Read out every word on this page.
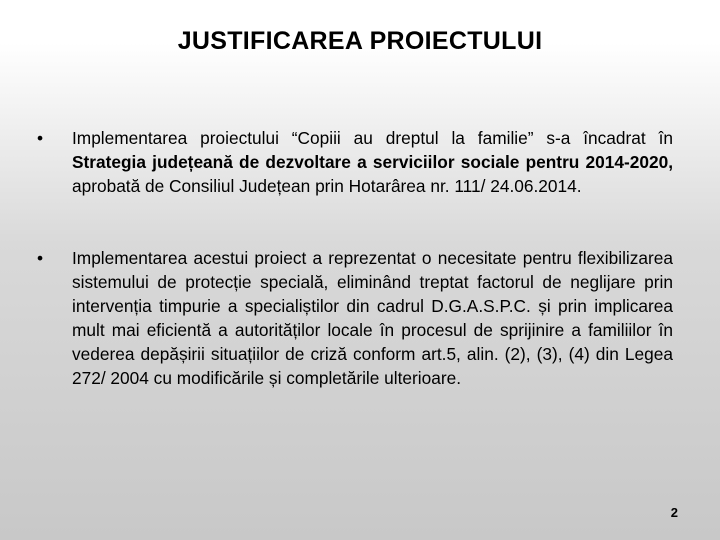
JUSTIFICAREA PROIECTULUI
•	Implementarea proiectului “Copiii au dreptul la familie” s-a încadrat în Strategia județeană de dezvoltare a serviciilor sociale pentru 2014-2020, aprobată de Consiliul Județean prin Hotarârea nr. 111/ 24.06.2014.
•	Implementarea acestui proiect a reprezentat o necesitate pentru flexibilizarea sistemului de protecție specială, eliminând treptat factorul de neglijare prin intervenția timpurie a specialiștilor din cadrul D.G.A.S.P.C. și prin implicarea mult mai eficientă a autorităților locale în procesul de sprijinire a familiilor în vederea depășirii situațiilor de criză conform art.5, alin. (2), (3), (4) din Legea 272/ 2004 cu modificările și completările ulterioare.
2
